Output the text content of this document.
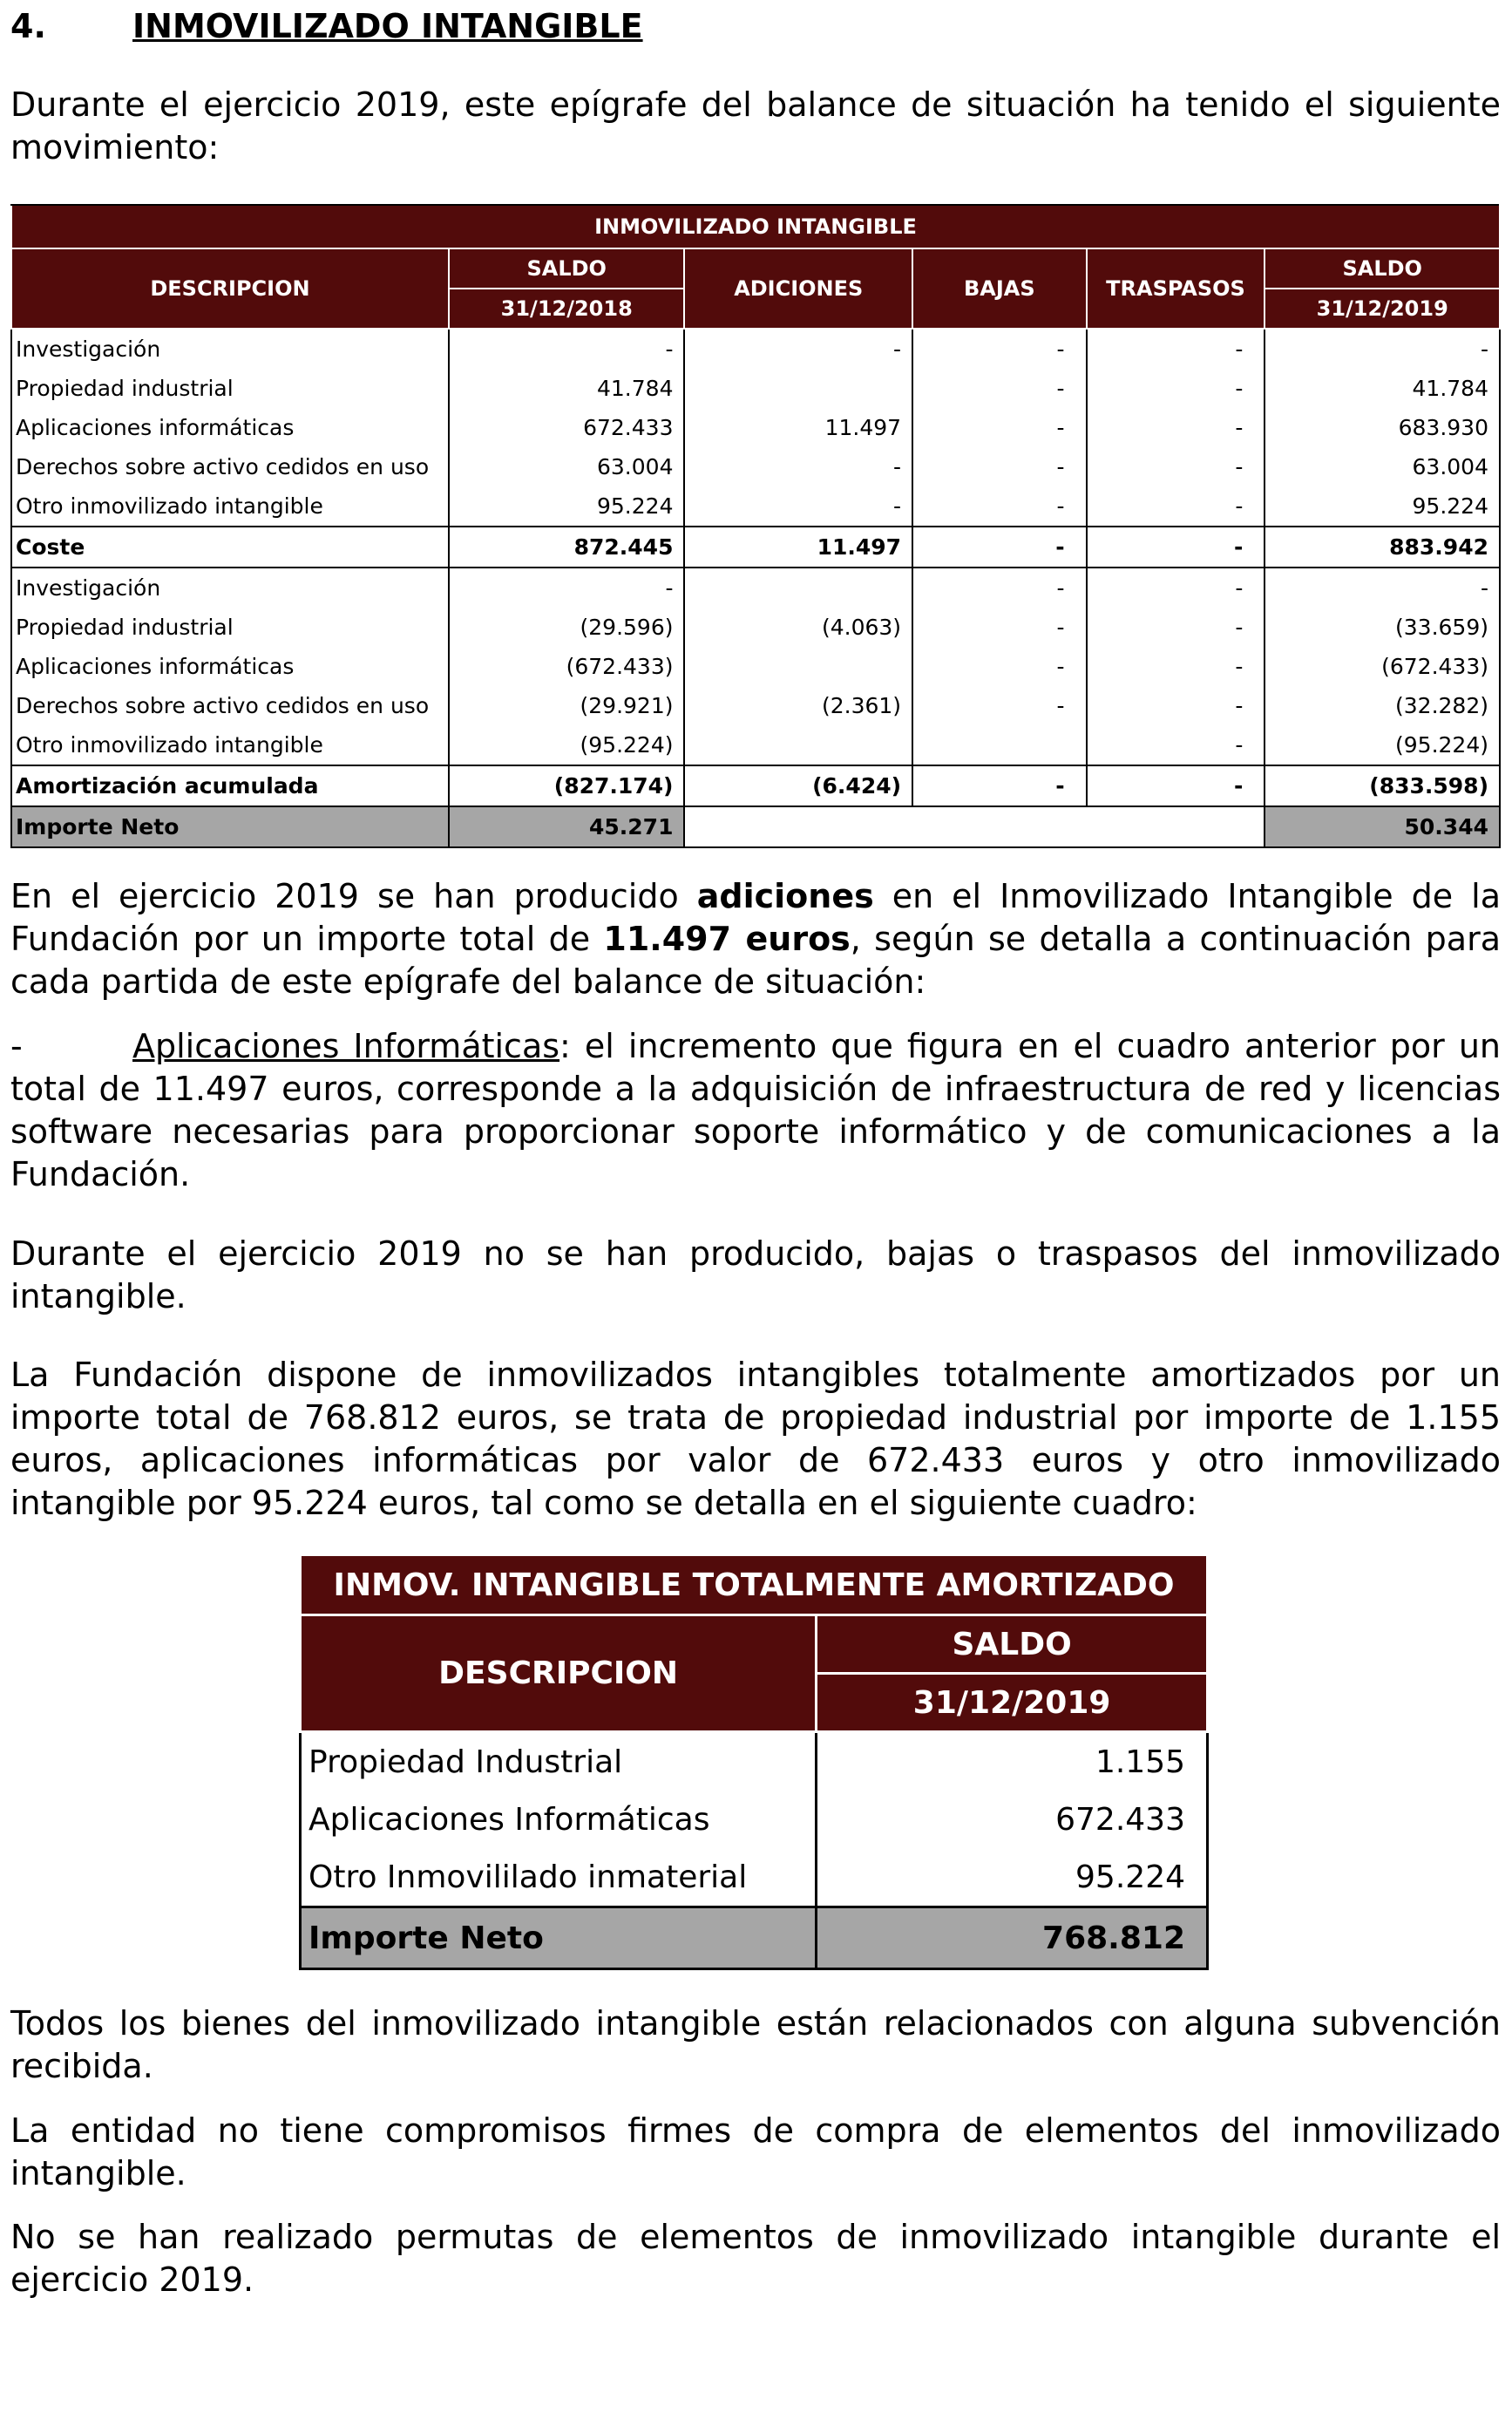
4.	INMOVILIZADO INTANGIBLE
Durante el ejercicio 2019, este epígrafe del balance de situación ha tenido el siguiente movimiento:
INMOVILIZADO INTANGIBLE					
DESCRIPCION	SALDO	ADICIONES	BAJAS	TRASPASOS	SALDO
	31/12/2018				31/12/2019
Investigación	-	-	-	-	-
Propiedad industrial	41.784		-	-	41.784
Aplicaciones informáticas	672.433	11.497	-	-	683.930
Derechos sobre activo cedidos en uso	63.004	-	-	-	63.004
Otro inmovilizado intangible	95.224	-	-	-	95.224
Coste	872.445	11.497	-	-	883.942
Investigación	-		-	-	-
Propiedad industrial	(29.596)	(4.063)	-	-	(33.659)
Aplicaciones informáticas	(672.433)		-	-	(672.433)
Derechos sobre activo cedidos en uso	(29.921)	(2.361)	-	-	(32.282)
Otro inmovilizado intangible	(95.224)			-	(95.224)
Amortización acumulada	(827.174)	(6.424)	-	-	(833.598)
Importe Neto	45.271				50.344
En el ejercicio 2019 se han producido adiciones en el Inmovilizado Intangible de la Fundación por un importe total de 11.497 euros, según se detalla a continuación para cada partida de este epígrafe del balance de situación:
-	Aplicaciones Informáticas: el incremento que figura en el cuadro anterior por un total de 11.497 euros, corresponde a la adquisición de infraestructura de red y licencias software necesarias para proporcionar soporte informático y de comunicaciones a la Fundación.
Durante el ejercicio 2019 no se han producido, bajas o traspasos del inmovilizado intangible.
La Fundación dispone de inmovilizados intangibles totalmente amortizados por un importe total de 768.812 euros, se trata de propiedad industrial por importe de 1.155 euros, aplicaciones informáticas por valor de 672.433 euros y otro inmovilizado intangible por 95.224 euros, tal como se detalla en el siguiente cuadro:
INMOV. INTANGIBLE TOTALMENTE AMORTIZADO	
DESCRIPCION	SALDO
	31/12/2019
Propiedad Industrial	1.155
Aplicaciones Informáticas	672.433
Otro Inmovililado inmaterial	95.224
Importe Neto	768.812
Todos los bienes del inmovilizado intangible están relacionados con alguna subvención recibida.
La entidad no tiene compromisos firmes de compra de elementos del inmovilizado intangible.
No se han realizado permutas de elementos de inmovilizado intangible durante el ejercicio 2019.
